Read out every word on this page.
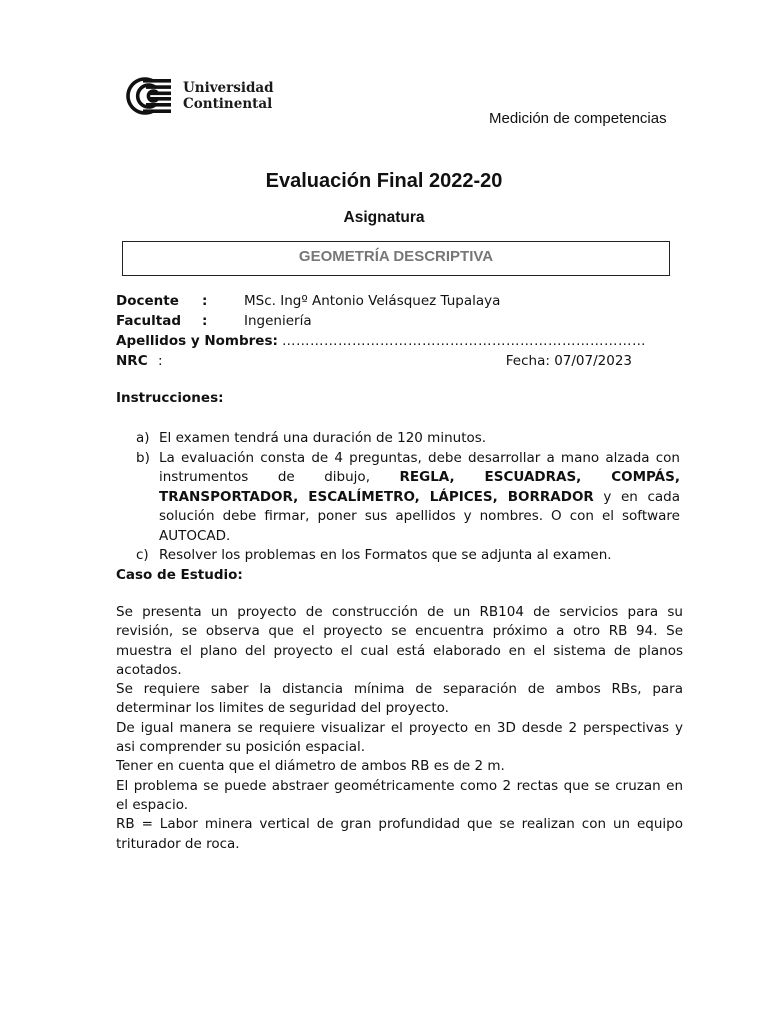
Universidad
Continental
Medición de competencias
Evaluación Final 2022-20
Asignatura
GEOMETRÍA DESCRIPTIVA
Docente :	MSc. Ingº Antonio Velásquez Tupalaya
Facultad :	Ingeniería
Apellidos y Nombres: ……………………………………………………………………
NRC :	Fecha: 07/07/2023
Instrucciones:
a) El examen tendrá una duración de 120 minutos.
b) La evaluación consta de 4 preguntas, debe desarrollar a mano alzada con instrumentos de dibujo, REGLA, ESCUADRAS, COMPÁS, TRANSPORTADOR, ESCALÍMETRO, LÁPICES, BORRADOR y en cada solución debe firmar, poner sus apellidos y nombres. O con el software AUTOCAD.
c) Resolver los problemas en los Formatos que se adjunta al examen.
Caso de Estudio:

Se presenta un proyecto de construcción de un RB104 de servicios para su revisión, se observa que el proyecto se encuentra próximo a otro RB 94. Se muestra el plano del proyecto el cual está elaborado en el sistema de planos acotados.

Se requiere saber la distancia mínima de separación de ambos RBs, para determinar los limites de seguridad del proyecto.

De igual manera se requiere visualizar el proyecto en 3D desde 2 perspectivas y asi comprender su posición espacial.

Tener en cuenta que el diámetro de ambos RB es de 2 m.

El problema se puede abstraer geométricamente como 2 rectas que se cruzan en el espacio.

RB = Labor minera vertical de gran profundidad que se realizan con un equipo triturador de roca.
